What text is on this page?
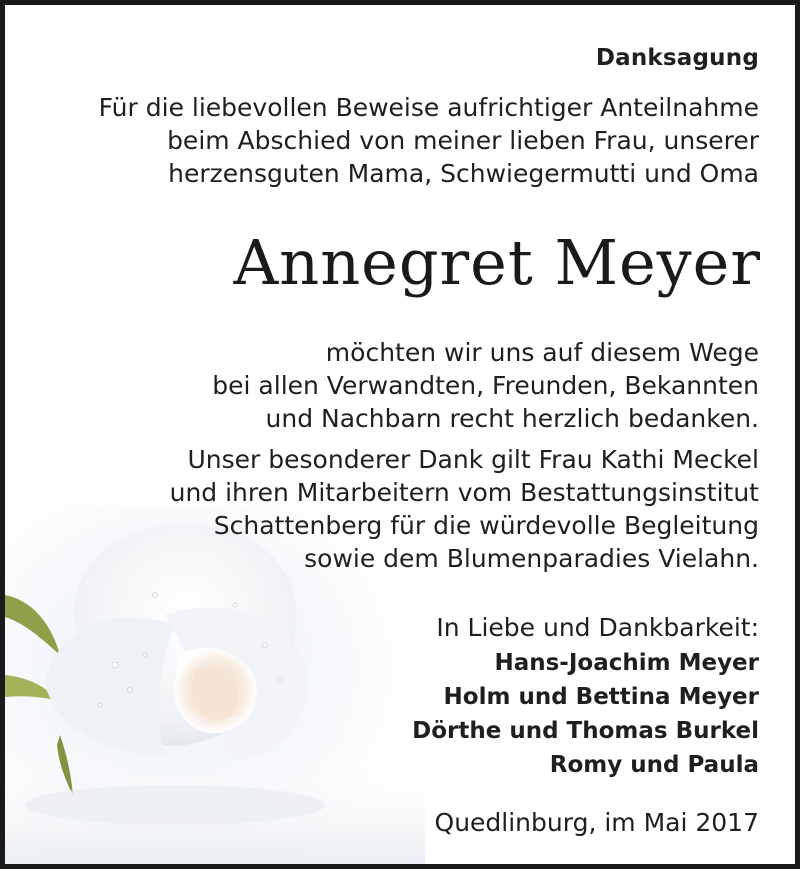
Danksagung
Für die liebevollen Beweise aufrichtiger Anteilnahme
beim Abschied von meiner lieben Frau, unserer
herzensguten Mama, Schwiegermutti und Oma
Annegret Meyer
möchten wir uns auf diesem Wege
bei allen Verwandten, Freunden, Bekannten
und Nachbarn recht herzlich bedanken.
Unser besonderer Dank gilt Frau Kathi Meckel
und ihren Mitarbeitern vom Bestattungsinstitut
Schattenberg für die würdevolle Begleitung
sowie dem Blumenparadies Vielahn.
In Liebe und Dankbarkeit:
Hans-Joachim Meyer
Holm und Bettina Meyer
Dörthe und Thomas Burkel
Romy und Paula
Quedlinburg, im Mai 2017
